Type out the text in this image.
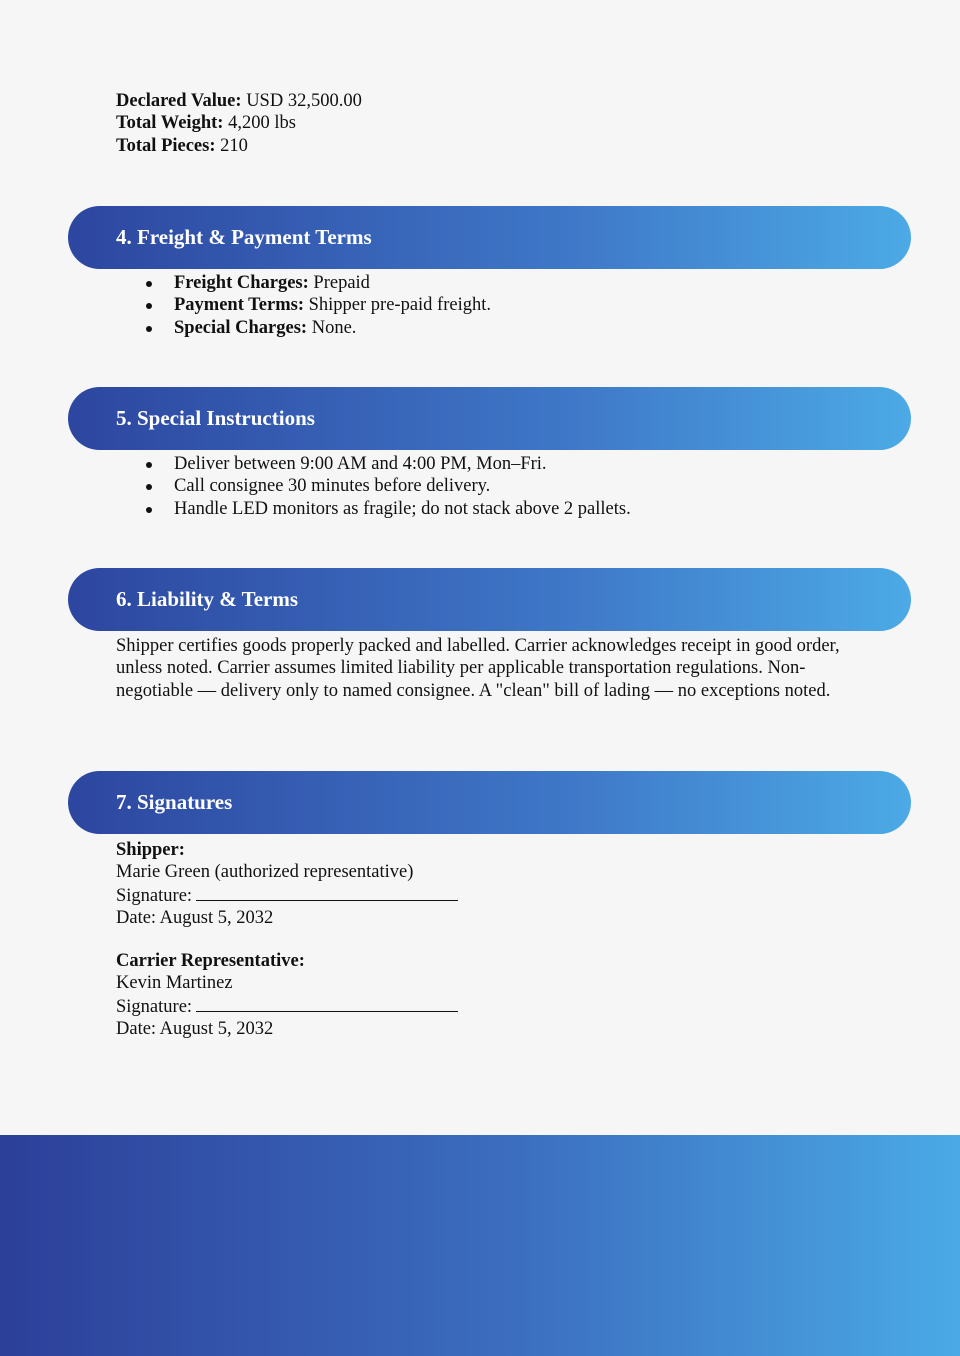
Declared Value: USD 32,500.00
Total Weight: 4,200 lbs
Total Pieces: 210
4. Freight & Payment Terms
Freight Charges: Prepaid
Payment Terms: Shipper pre-paid freight.
Special Charges: None.
5. Special Instructions
Deliver between 9:00 AM and 4:00 PM, Mon–Fri.
Call consignee 30 minutes before delivery.
Handle LED monitors as fragile; do not stack above 2 pallets.
6. Liability & Terms

Shipper certifies goods properly packed and labelled. Carrier acknowledges receipt in good order, unless noted. Carrier assumes limited liability per applicable transportation regulations. Non-negotiable — delivery only to named consignee. A "clean" bill of lading — no exceptions noted.

7. Signatures
Shipper:
Marie Green (authorized representative)
Signature:
Date: August 5, 2032
Carrier Representative:
Kevin Martinez
Signature:
Date: August 5, 2032
